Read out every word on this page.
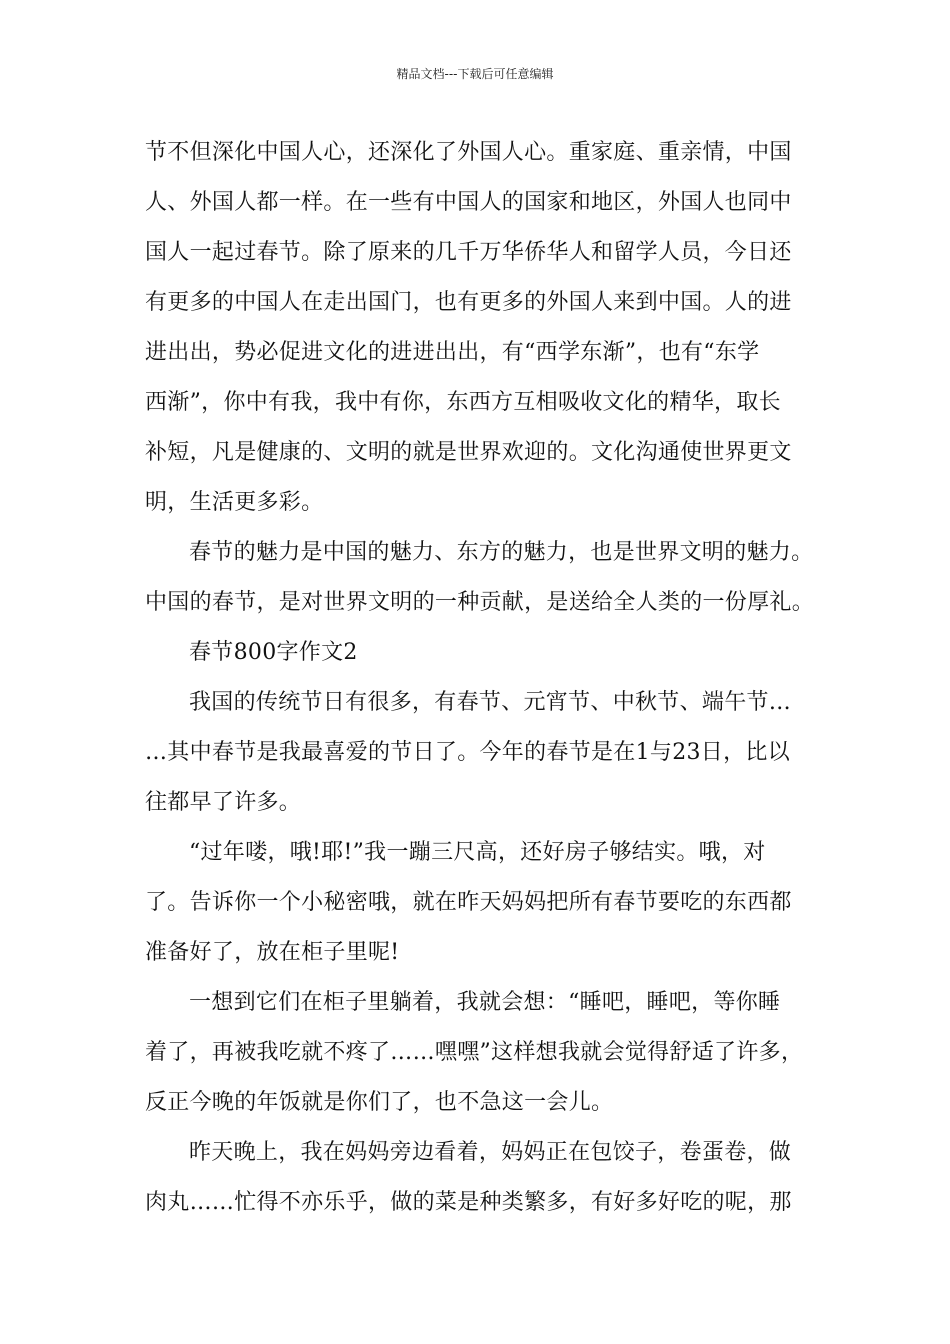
精品文档---下载后可任意编辑
节不但深化中国人心，还深化了外国人心。重家庭、重亲情，中国
人、外国人都一样。在一些有中国人的国家和地区，外国人也同中
国人一起过春节。除了原来的几千万华侨华人和留学人员，今日还
有更多的中国人在走出国门，也有更多的外国人来到中国。人的进
进出出，势必促进文化的进进出出，有“西学东渐”，也有“东学
西渐”，你中有我，我中有你，东西方互相吸收文化的精华，取长
补短，凡是健康的、文明的就是世界欢迎的。文化沟通使世界更文
明，生活更多彩。
春节的魅力是中国的魅力、东方的魅力，也是世界文明的魅力。
中国的春节，是对世界文明的一种贡献，是送给全人类的一份厚礼。
春节800字作文2
我国的传统节日有很多，有春节、元宵节、中秋节、端午节…
…其中春节是我最喜爱的节日了。今年的春节是在1与23日，比以
往都早了许多。
“过年喽，哦!耶!”我一蹦三尺高，还好房子够结实。哦，对
了。告诉你一个小秘密哦，就在昨天妈妈把所有春节要吃的东西都
准备好了，放在柜子里呢!
一想到它们在柜子里躺着，我就会想：“睡吧，睡吧，等你睡
着了，再被我吃就不疼了……嘿嘿”这样想我就会觉得舒适了许多，
反正今晚的年饭就是你们了，也不急这一会儿。
昨天晚上，我在妈妈旁边看着，妈妈正在包饺子，卷蛋卷，做
肉丸……忙得不亦乐乎，做的菜是种类繁多，有好多好吃的呢，那
